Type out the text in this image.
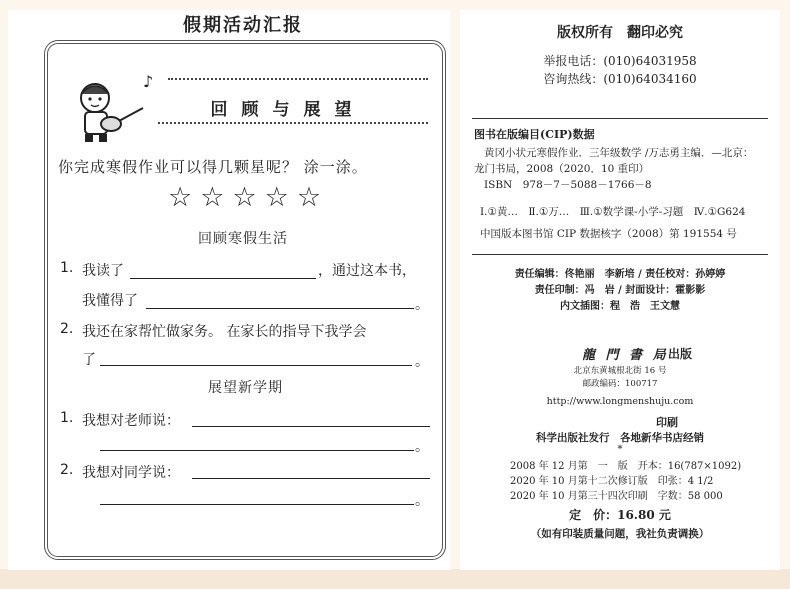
假期活动汇报
♪
回顾与展望
你完成寒假作业可以得几颗星呢？ 涂一涂。
☆☆☆☆☆
回顾寒假生活
1. 我读了	，通过这本书，
我懂得了	。
2. 我还在家帮忙做家务。 在家长的指导下我学会
了	。
展望新学期
1. 我想对老师说：
。
2. 我想对同学说：
。
版权所有　翻印必究
举报电话：(010)64031958
咨询热线：(010)64034160
图书在版编目(CIP)数据
黄冈小状元寒假作业．三年级数学 /万志勇主编．—北京：
龙门书局，2008（2020．10 重印）
ISBN　978－7－5088－1766－8
Ⅰ.①黄…　Ⅱ.①万…　Ⅲ.①数学课-小学-习题　Ⅳ.①G624
中国版本图书馆 CIP 数据核字（2008）第 191554 号
责任编辑：佟艳丽　李新培 / 责任校对：孙婷婷
责任印制：冯　岩 / 封面设计：霍影影
内文插图：程　浩　王文慧
龍 門 書 局 出版
北京东黄城根北街 16 号
邮政编码：100717
http://www.longmenshuju.com
印刷
科学出版社发行　各地新华书店经销
*
2008 年 12 月第　一　版　开本：16(787×1092)
2020 年 10 月第十二次修订版　印张：4 1/2
2020 年 10 月第三十四次印刷　字数：58 000
定　价：16.80 元
（如有印装质量问题，我社负责调换）
